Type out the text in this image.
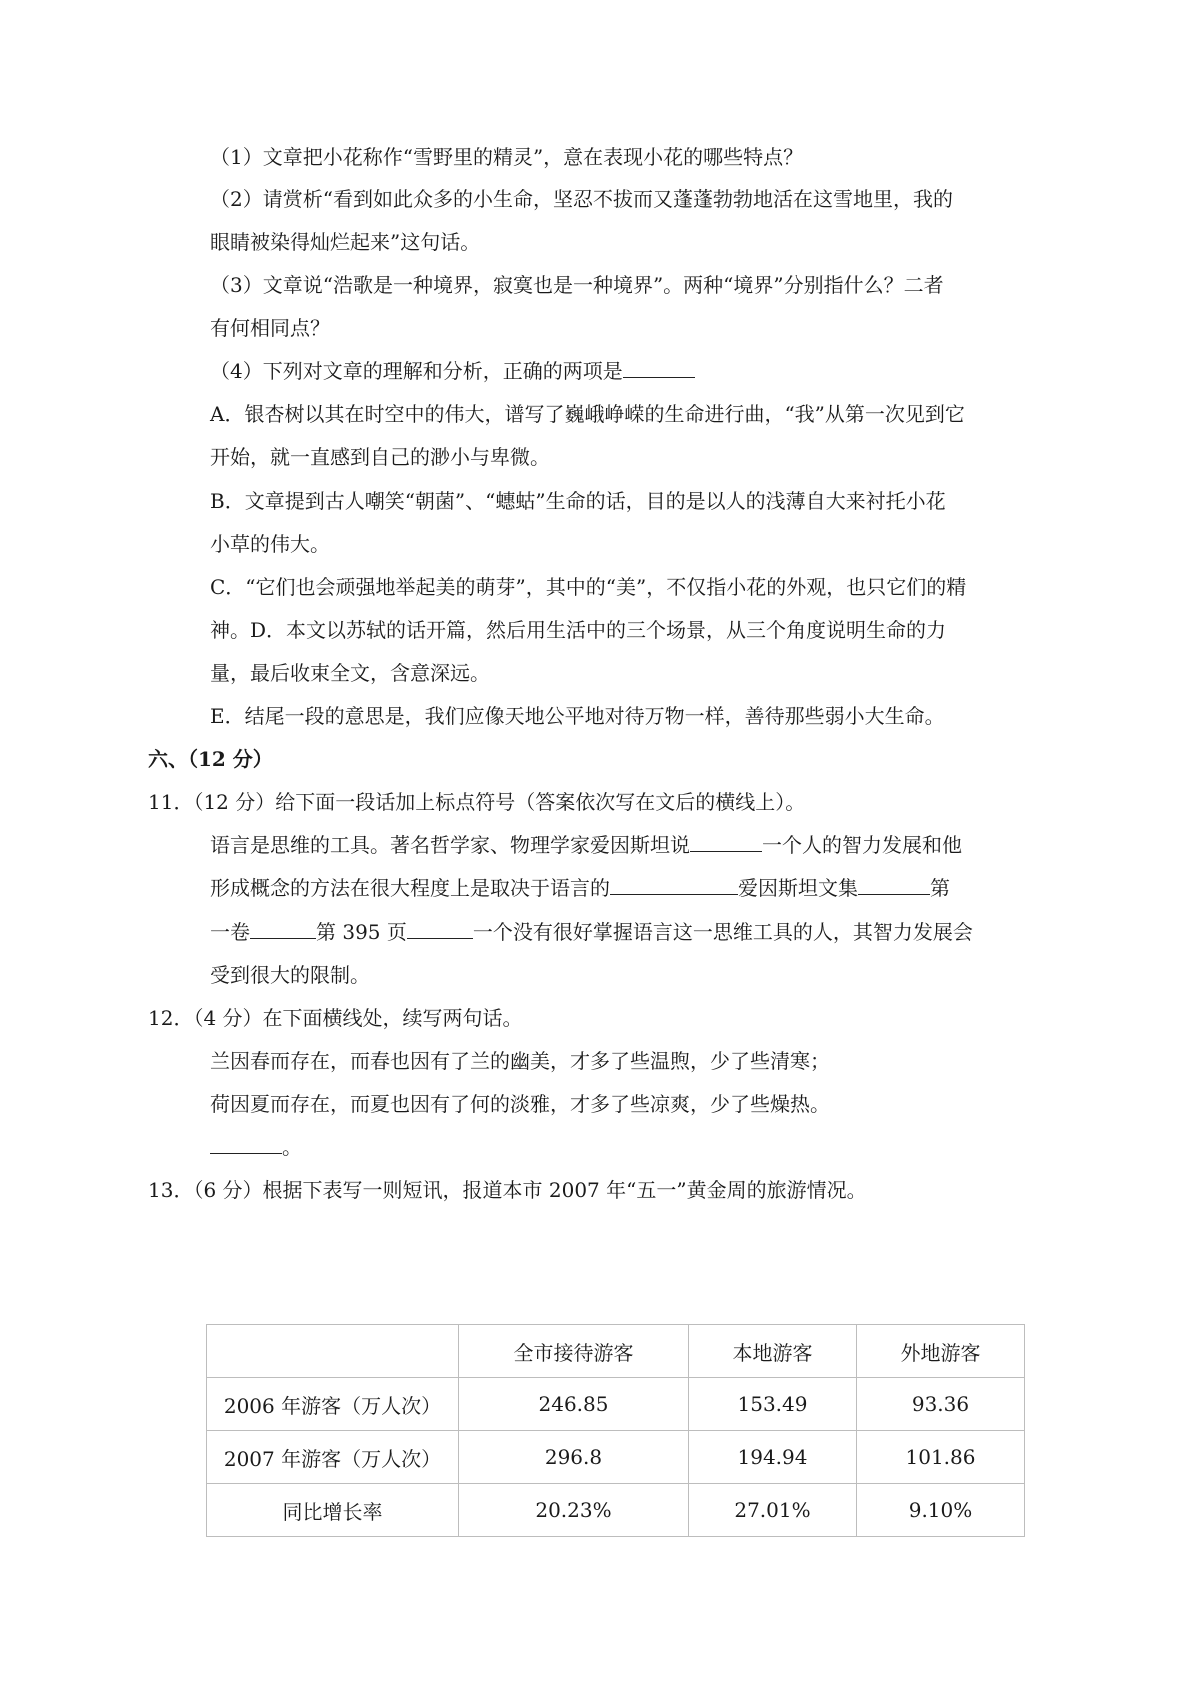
（1）文章把小花称作“雪野里的精灵”，意在表现小花的哪些特点？
（2）请赏析“看到如此众多的小生命，坚忍不拔而又蓬蓬勃勃地活在这雪地里，我的
眼睛被染得灿烂起来”这句话。
（3）文章说“浩歌是一种境界，寂寞也是一种境界”。两种“境界”分别指什么？二者
有何相同点？
（4）下列对文章的理解和分析，正确的两项是
A．银杏树以其在时空中的伟大，谱写了巍峨峥嵘的生命进行曲，“我”从第一次见到它
开始，就一直感到自己的渺小与卑微。
B．文章提到古人嘲笑“朝菌”、“蟪蛄”生命的话，目的是以人的浅薄自大来衬托小花
小草的伟大。
C．“它们也会顽强地举起美的萌芽”，其中的“美”，不仅指小花的外观，也只它们的精
神。D．本文以苏轼的话开篇，然后用生活中的三个场景，从三个角度说明生命的力
量，最后收束全文，含意深远。
E．结尾一段的意思是，我们应像天地公平地对待万物一样，善待那些弱小大生命。
六、（12 分）
11．（12 分）给下面一段话加上标点符号（答案依次写在文后的横线上）。
语言是思维的工具。著名哲学家、物理学家爱因斯坦说	一个人的智力发展和他
形成概念的方法在很大程度上是取决于语言的	爱因斯坦文集	第
一卷	第 395 页	一个没有很好掌握语言这一思维工具的人，其智力发展会
受到很大的限制。
12．（4 分）在下面横线处，续写两句话。
兰因春而存在，而春也因有了兰的幽美，才多了些温煦，少了些清寒；
荷因夏而存在，而夏也因有了何的淡雅，才多了些凉爽，少了些燥热。
。
13．（6 分）根据下表写一则短讯，报道本市 2007 年“五一”黄金周的旅游情况。
	全市接待游客	本地游客	外地游客
2006 年游客（万人次）	246.85	153.49	93.36
2007 年游客（万人次）	296.8	194.94	101.86
同比增长率	20.23%	27.01%	9.10%
